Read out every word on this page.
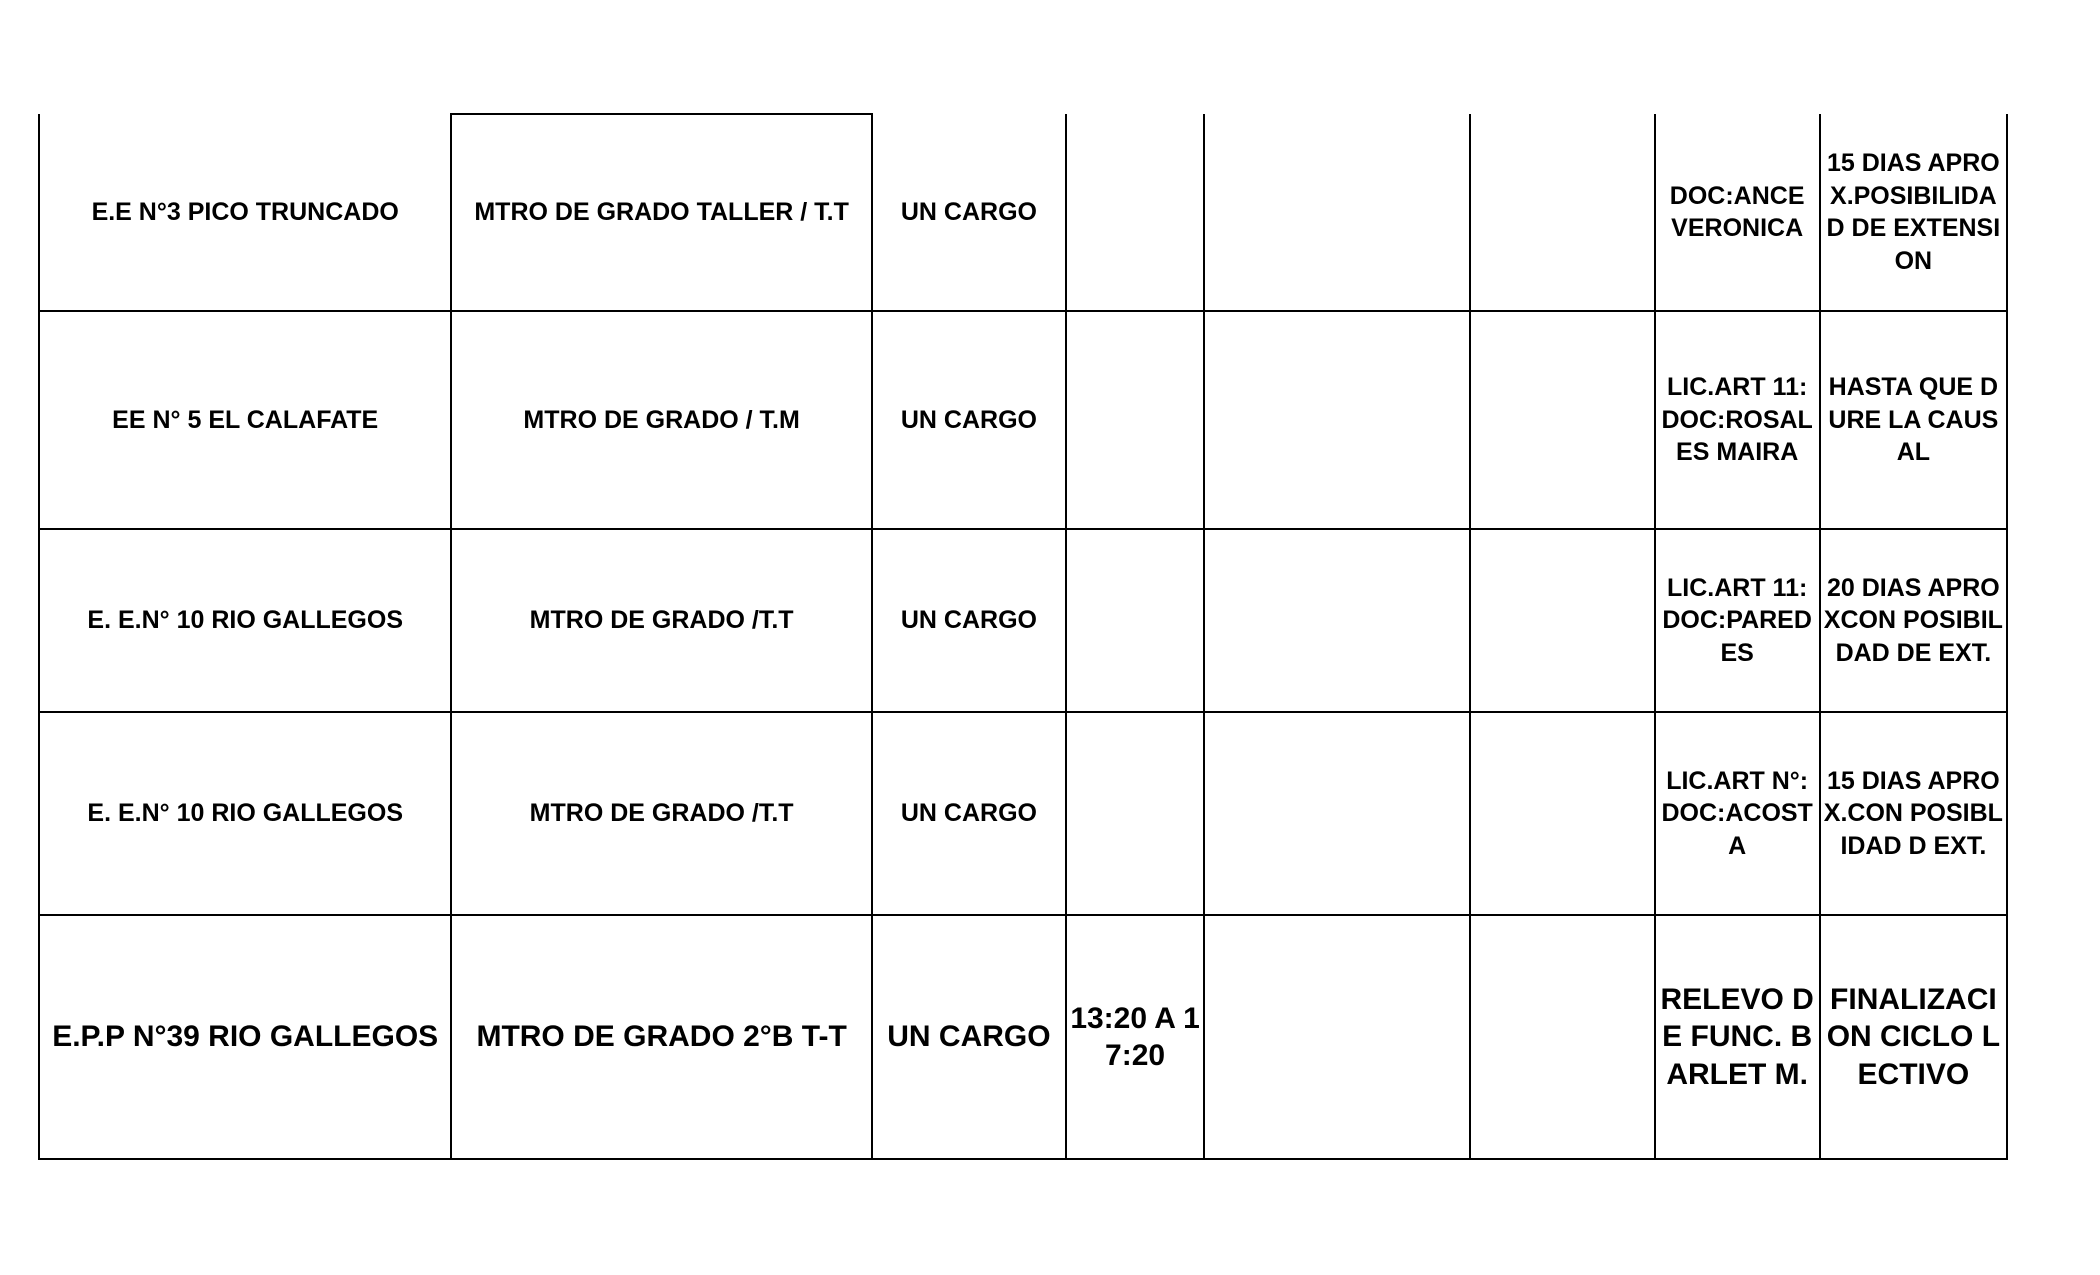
E.E N°3 PICO TRUNCADO	MTRO DE GRADO TALLER / T.T	UN CARGO				DOC:ANCE VERONICA	15 DIAS APROX.POSIBILIDAD DE EXTENSION
EE N° 5 EL CALAFATE	MTRO DE GRADO / T.M	UN CARGO				LIC.ART 11:DOC:ROSALES MAIRA	HASTA QUE DURE LA CAUSAL
E. E.N° 10 RIO GALLEGOS	MTRO DE GRADO /T.T	UN CARGO				LIC.ART 11: DOC:PAREDES	20 DIAS APROXCON POSIBILDAD DE EXT.
E. E.N° 10 RIO GALLEGOS	MTRO DE GRADO /T.T	UN CARGO				LIC.ART N°:DOC:ACOSTA	15 DIAS APROX.CON POSIBLIDAD D EXT.
E.P.P N°39 RIO GALLEGOS	MTRO DE GRADO 2°B T-T	UN CARGO	13:20 A 17:20			RELEVO DE FUNC. BARLET M.	FINALIZACION CICLO LECTIVO
